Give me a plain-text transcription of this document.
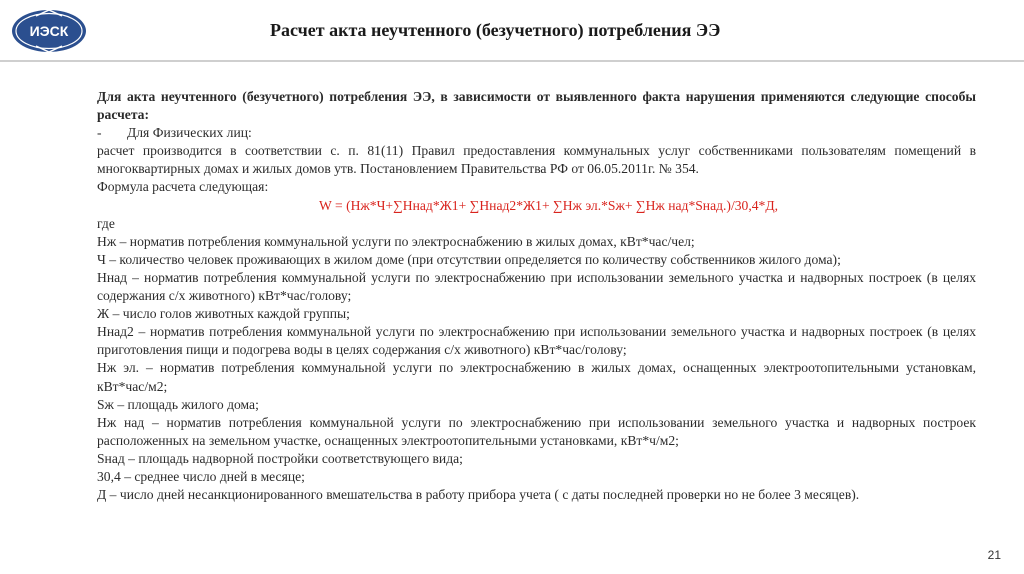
ИЭСК	Расчет акта неучтенного (безучетного) потребления ЭЭ

Для акта неучтенного (безучетного) потребления ЭЭ, в зависимости от выявленного факта нарушения применяются следующие способы расчета:

-	Для Физических лиц:

расчет производится в соответствии с. п. 81(11) Правил предоставления коммунальных услуг собственниками пользователям помещений в многоквартирных домах и жилых домов утв. Постановлением Правительства РФ от 06.05.2011г. № 354.

Формула расчета следующая:

W = (Нж*Ч+∑Ннад*Ж1+ ∑Ннад2*Ж1+ ∑Нж эл.*Sж+ ∑Нж над*Sнад.)/30,4*Д,

где

Нж – норматив потребления коммунальной услуги по электроснабжению в жилых домах, кВт*час/чел;

Ч – количество человек проживающих в жилом доме (при отсутствии определяется по количеству собственников жилого дома);

Ннад – норматив потребления коммунальной услуги по электроснабжению при использовании земельного участка и надворных построек (в целях содержания с/х животного) кВт*час/голову;

Ж – число голов животных каждой группы;

Ннад2 – норматив потребления коммунальной услуги по электроснабжению при использовании земельного участка и надворных построек (в целях приготовления пищи и подогрева воды в целях содержания с/х животного) кВт*час/голову;

Нж эл. – норматив потребления коммунальной услуги по электроснабжению в жилых домах, оснащенных электроотопительными установкам, кВт*час/м2;

Sж – площадь жилого дома;

Нж над – норматив потребления коммунальной услуги по электроснабжению при использовании земельного участка и надворных построек расположенных на земельном участке, оснащенных электроотопительными установками, кВт*ч/м2;

Sнад – площадь надворной постройки соответствующего вида;

30,4 – среднее число дней в месяце;

Д – число дней несанкционированного вмешательства в работу прибора учета ( с даты последней проверки но не более 3 месяцев).

21
